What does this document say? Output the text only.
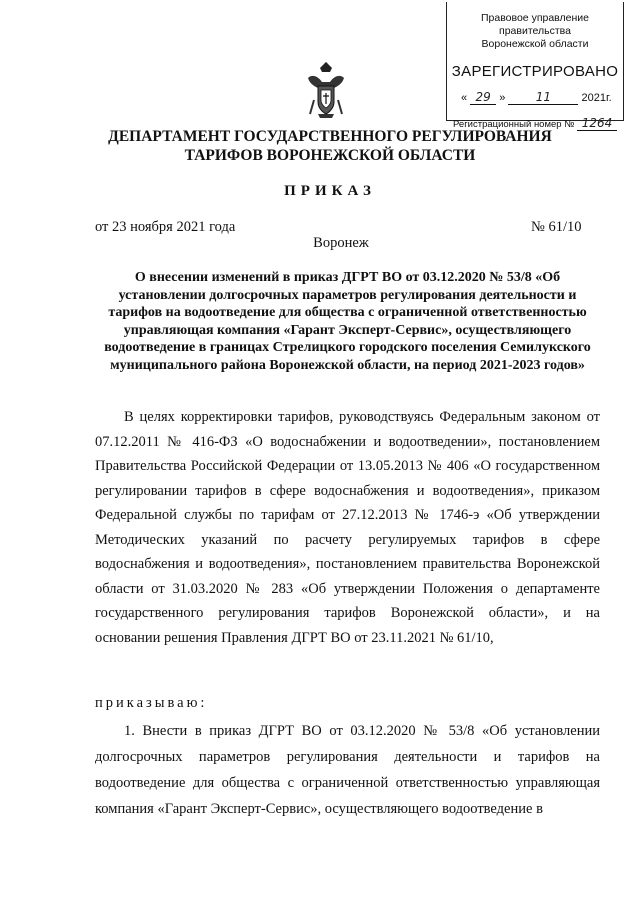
Правовое управление правительства
Воронежской области
ЗАРЕГИСТРИРОВАНО
« 29 »	11	2021г.
Регистрационный номер № 1264
ДЕПАРТАМЕНТ ГОСУДАРСТВЕННОГО РЕГУЛИРОВАНИЯ ТАРИФОВ ВОРОНЕЖСКОЙ ОБЛАСТИ
ПРИКАЗ
от 23 ноября 2021 года	№ 61/10
Воронеж
О внесении изменений в приказ ДГРТ ВО от 03.12.2020 № 53/8 «Об установлении долгосрочных параметров регулирования деятельности и тарифов на водоотведение для общества с ограниченной ответственностью управляющая компания «Гарант Эксперт-Сервис», осуществляющего водоотведение в границах Стрелицкого городского поселения Семилукского муниципального района Воронежской области, на период 2021-2023 годов»
В целях корректировки тарифов, руководствуясь Федеральным законом от 07.12.2011 № 416-ФЗ «О водоснабжении и водоотведении», постановлением Правительства Российской Федерации от 13.05.2013 № 406 «О государственном регулировании тарифов в сфере водоснабжения и водоотведения», приказом Федеральной службы по тарифам от 27.12.2013 № 1746-э «Об утверждении Методических указаний по расчету регулируемых тарифов в сфере водоснабжения и водоотведения», постановлением правительства Воронежской области от 31.03.2020 № 283 «Об утверждении Положения о департаменте государственного регулирования тарифов Воронежской области», и на основании решения Правления ДГРТ ВО от 23.11.2021 № 61/10,
приказываю:
1. Внести в приказ ДГРТ ВО от 03.12.2020 № 53/8 «Об установлении долгосрочных параметров регулирования деятельности и тарифов на водоотведение для общества с ограниченной ответственностью управляющая компания «Гарант Эксперт-Сервис», осуществляющего водоотведение в
